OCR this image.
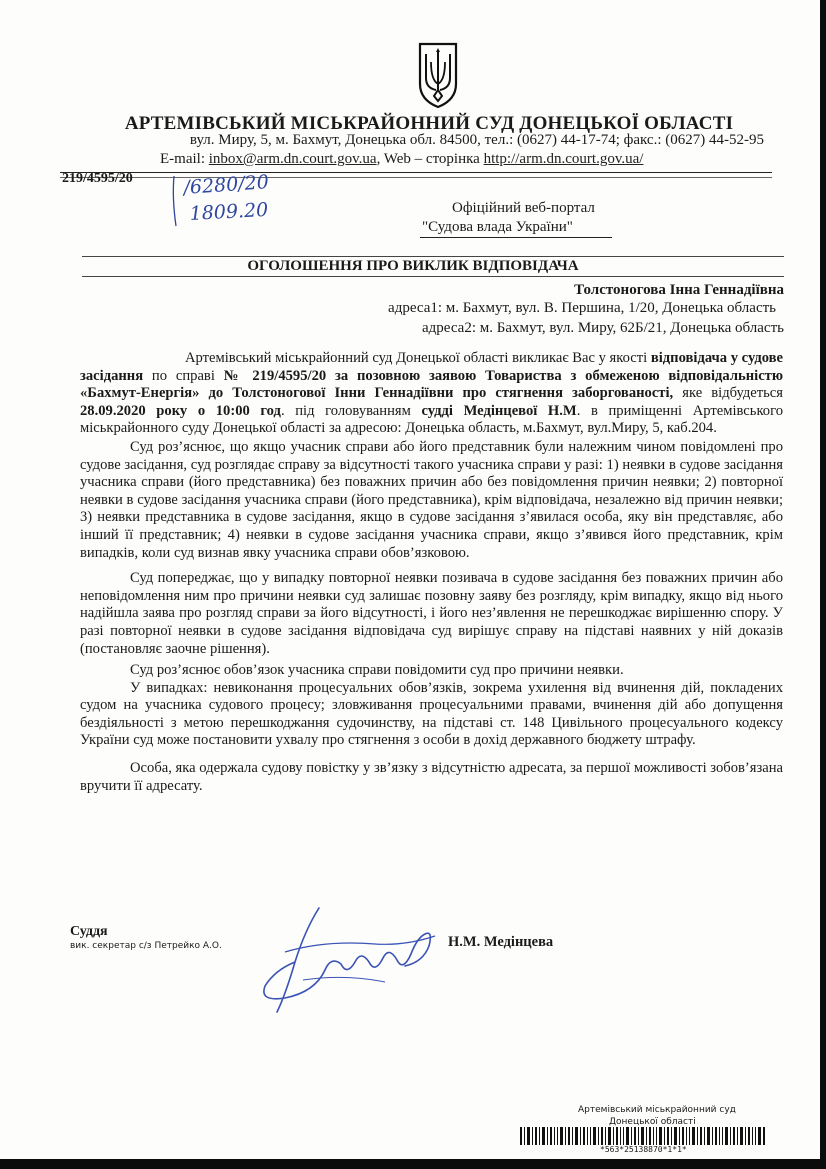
АРТЕМІВСЬКИЙ МІСЬКРАЙОННИЙ СУД ДОНЕЦЬКОЇ ОБЛАСТІ
вул. Миру, 5, м. Бахмут, Донецька обл. 84500, тел.: (0627) 44-17-74; факс.: (0627) 44-52-95
E-mail: inbox@arm.dn.court.gov.ua, Web – сторінка http://arm.dn.court.gov.ua/
219/4595/20	/6280/20
1809.20	Офіційний веб-портал
"Судова влада України"
ОГОЛОШЕННЯ ПРО ВИКЛИК ВІДПОВІДАЧА
Толстоногова Інна Геннадіївна
адреса1: м. Бахмут, вул. В. Першина, 1/20, Донецька область
адреса2: м. Бахмут, вул. Миру, 62Б/21, Донецька область

Артемівський міськрайонний суд Донецької області викликає Вас у якості відповідача у судове засідання по справі № 219/4595/20 за позовною заявою Товариства з обмеженою відповідальністю «Бахмут-Енергія» до Толстоногової Інни Геннадіївни про стягнення заборгованості, яке відбудеться 28.09.2020 року о 10:00 год. під головуванням судді Медінцевої Н.М. в приміщенні Артемівського міськрайонного суду Донецької області за адресою: Донецька область, м.Бахмут, вул.Миру, 5, каб.204.

Суд роз’яснює, що якщо учасник справи або його представник були належним чином повідомлені про судове засідання, суд розглядає справу за відсутності такого учасника справи у разі: 1) неявки в судове засідання учасника справи (його представника) без поважних причин або без повідомлення причин неявки; 2) повторної неявки в судове засідання учасника справи (його представника), крім відповідача, незалежно від причин неявки; 3) неявки представника в судове засідання, якщо в судове засідання з’явилася особа, яку він представляє, або інший її представник; 4) неявки в судове засідання учасника справи, якщо з’явився його представник, крім випадків, коли суд визнав явку учасника справи обов’язковою.

Суд попереджає, що у випадку повторної неявки позивача в судове засідання без поважних причин або неповідомлення ним про причини неявки суд залишає позовну заяву без розгляду, крім випадку, якщо від нього надійшла заява про розгляд справи за його відсутності, і його нез’явлення не перешкоджає вирішенню спору. У разі повторної неявки в судове засідання відповідача суд вирішує справу на підставі наявних у ній доказів (постановляє заочне рішення).

Суд роз’яснює обов’язок учасника справи повідомити суд про причини неявки.

У випадках: невиконання процесуальних обов’язків, зокрема ухилення від вчинення дій, покладених судом на учасника судового процесу; зловживання процесуальними правами, вчинення дій або допущення бездіяльності з метою перешкоджання судочинству, на підставі ст. 148 Цивільного процесуального кодексу України суд може постановити ухвалу про стягнення з особи в дохід державного бюджету штрафу.

Особа, яка одержала судову повістку у зв’язку з відсутністю адресата, за першої можливості зобов’язана вручити її адресату.

Суддя
вик. секретар с/з Петрейко А.О.	Н.М. Медінцева
Артемівський міськрайонний суд
Донецької області
*563*25138870*1*1*
